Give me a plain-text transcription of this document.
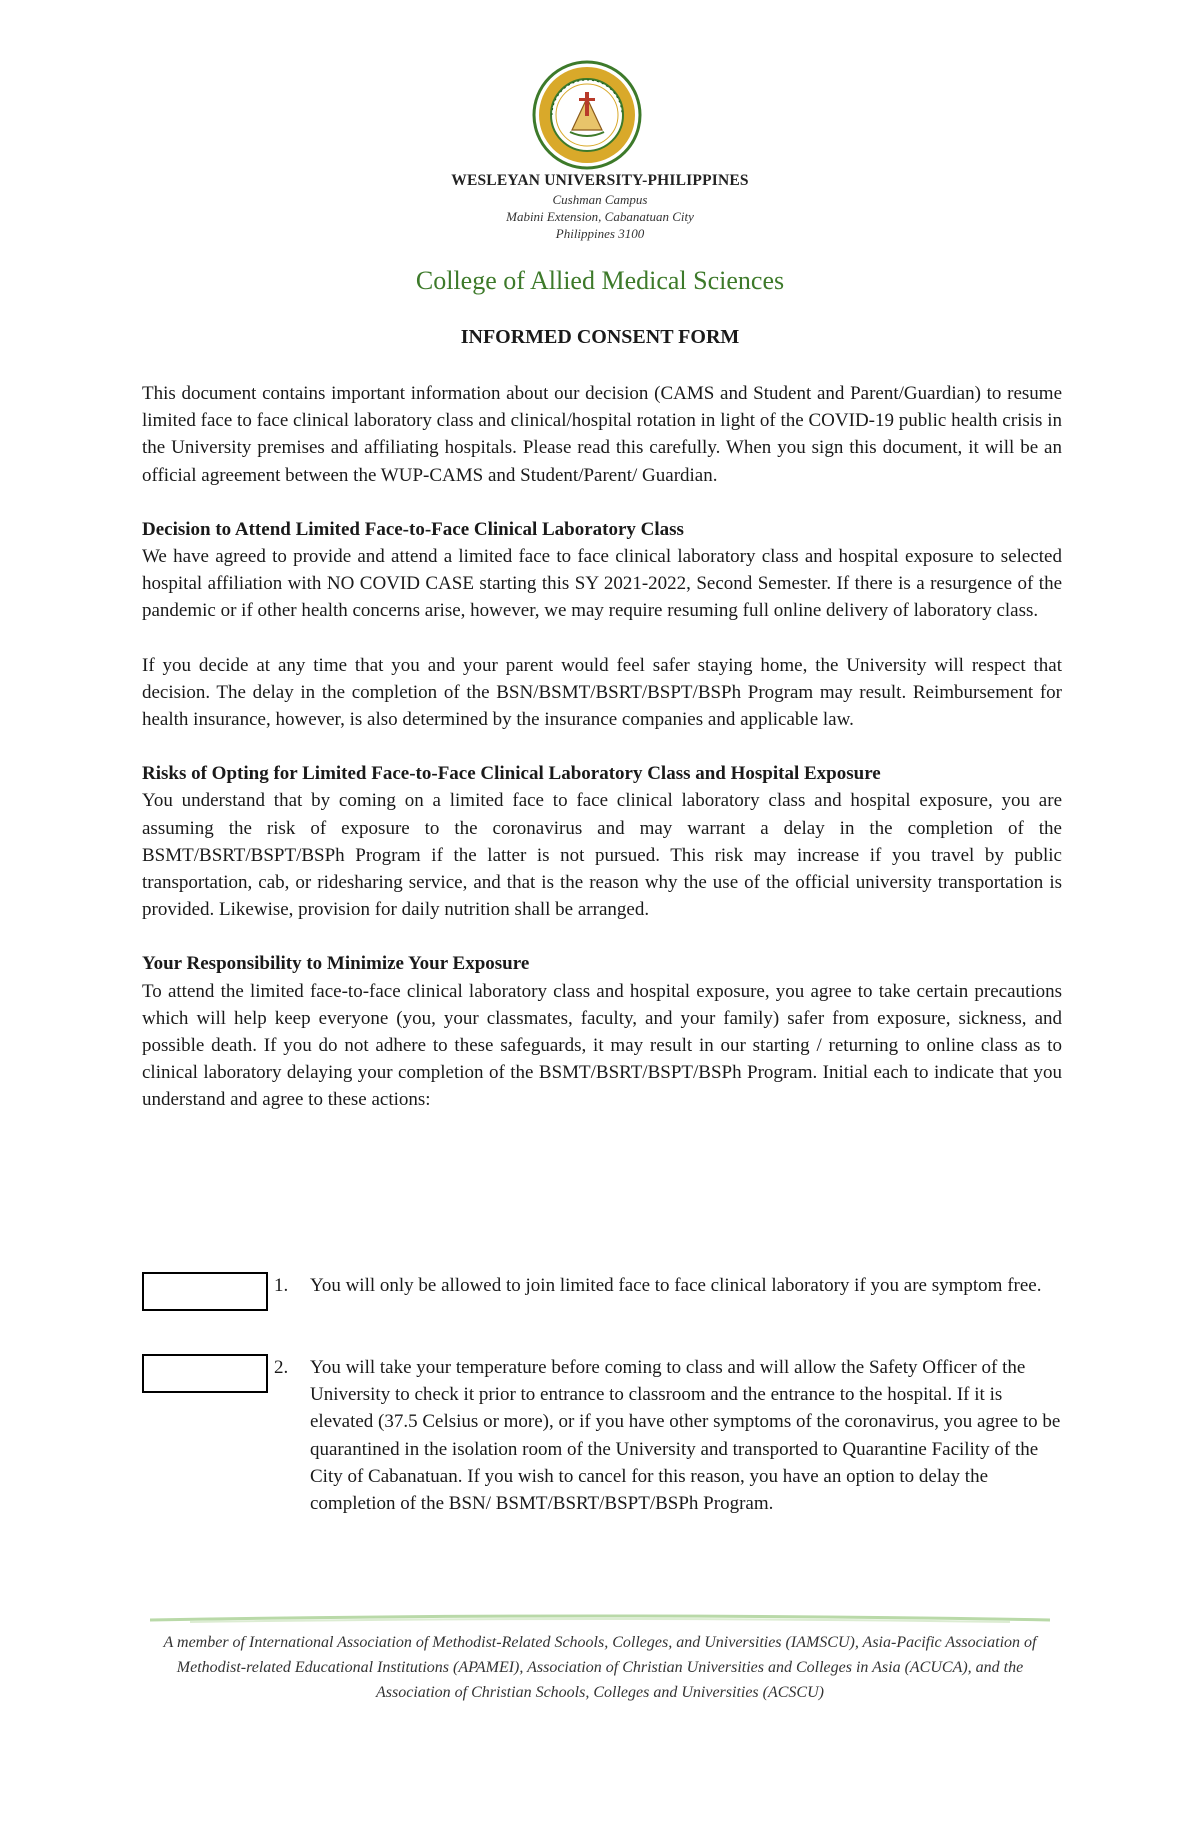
WESLEYAN UNIVERSITY-PHILIPPINES
Cushman Campus
Mabini Extension, Cabanatuan City
Philippines 3100
College of Allied Medical Sciences
INFORMED CONSENT FORM

This document contains important information about our decision (CAMS and Student and Parent/Guardian) to resume limited face to face clinical laboratory class and clinical/hospital rotation in light of the COVID-19 public health crisis in the University premises and affiliating hospitals. Please read this carefully. When you sign this document, it will be an official agreement between the WUP-CAMS and Student/Parent/ Guardian.

Decision to Attend Limited Face-to-Face Clinical Laboratory Class
We have agreed to provide and attend a limited face to face clinical laboratory class and hospital exposure to selected hospital affiliation with NO COVID CASE starting this SY 2021-2022, Second Semester. If there is a resurgence of the pandemic or if other health concerns arise, however, we may require resuming full online delivery of laboratory class.

If you decide at any time that you and your parent would feel safer staying home, the University will respect that decision. The delay in the completion of the BSN/BSMT/BSRT/BSPT/BSPh Program may result. Reimbursement for health insurance, however, is also determined by the insurance companies and applicable law.

Risks of Opting for Limited Face-to-Face Clinical Laboratory Class and Hospital Exposure
You understand that by coming on a limited face to face clinical laboratory class and hospital exposure, you are assuming the risk of exposure to the coronavirus and may warrant a delay in the completion of the BSMT/BSRT/BSPT/BSPh Program if the latter is not pursued. This risk may increase if you travel by public transportation, cab, or ridesharing service, and that is the reason why the use of the official university transportation is provided. Likewise, provision for daily nutrition shall be arranged.

Your Responsibility to Minimize Your Exposure
To attend the limited face-to-face clinical laboratory class and hospital exposure, you agree to take certain precautions which will help keep everyone (you, your classmates, faculty, and your family) safer from exposure, sickness, and possible death. If you do not adhere to these safeguards, it may result in our starting / returning to online class as to clinical laboratory delaying your completion of the BSMT/BSRT/BSPT/BSPh Program. Initial each to indicate that you understand and agree to these actions:

1. You will only be allowed to join limited face to face clinical laboratory if you are symptom free.
2. You will take your temperature before coming to class and will allow the Safety Officer of the University to check it prior to entrance to classroom and the entrance to the hospital. If it is elevated (37.5 Celsius or more), or if you have other symptoms of the coronavirus, you agree to be quarantined in the isolation room of the University and transported to Quarantine Facility of the City of Cabanatuan. If you wish to cancel for this reason, you have an option to delay the completion of the BSN/ BSMT/BSRT/BSPT/BSPh Program.
A member of International Association of Methodist-Related Schools, Colleges, and Universities (IAMSCU), Asia-Pacific Association of Methodist-related Educational Institutions (APAMEI), Association of Christian Universities and Colleges in Asia (ACUCA), and the Association of Christian Schools, Colleges and Universities (ACSCU)
